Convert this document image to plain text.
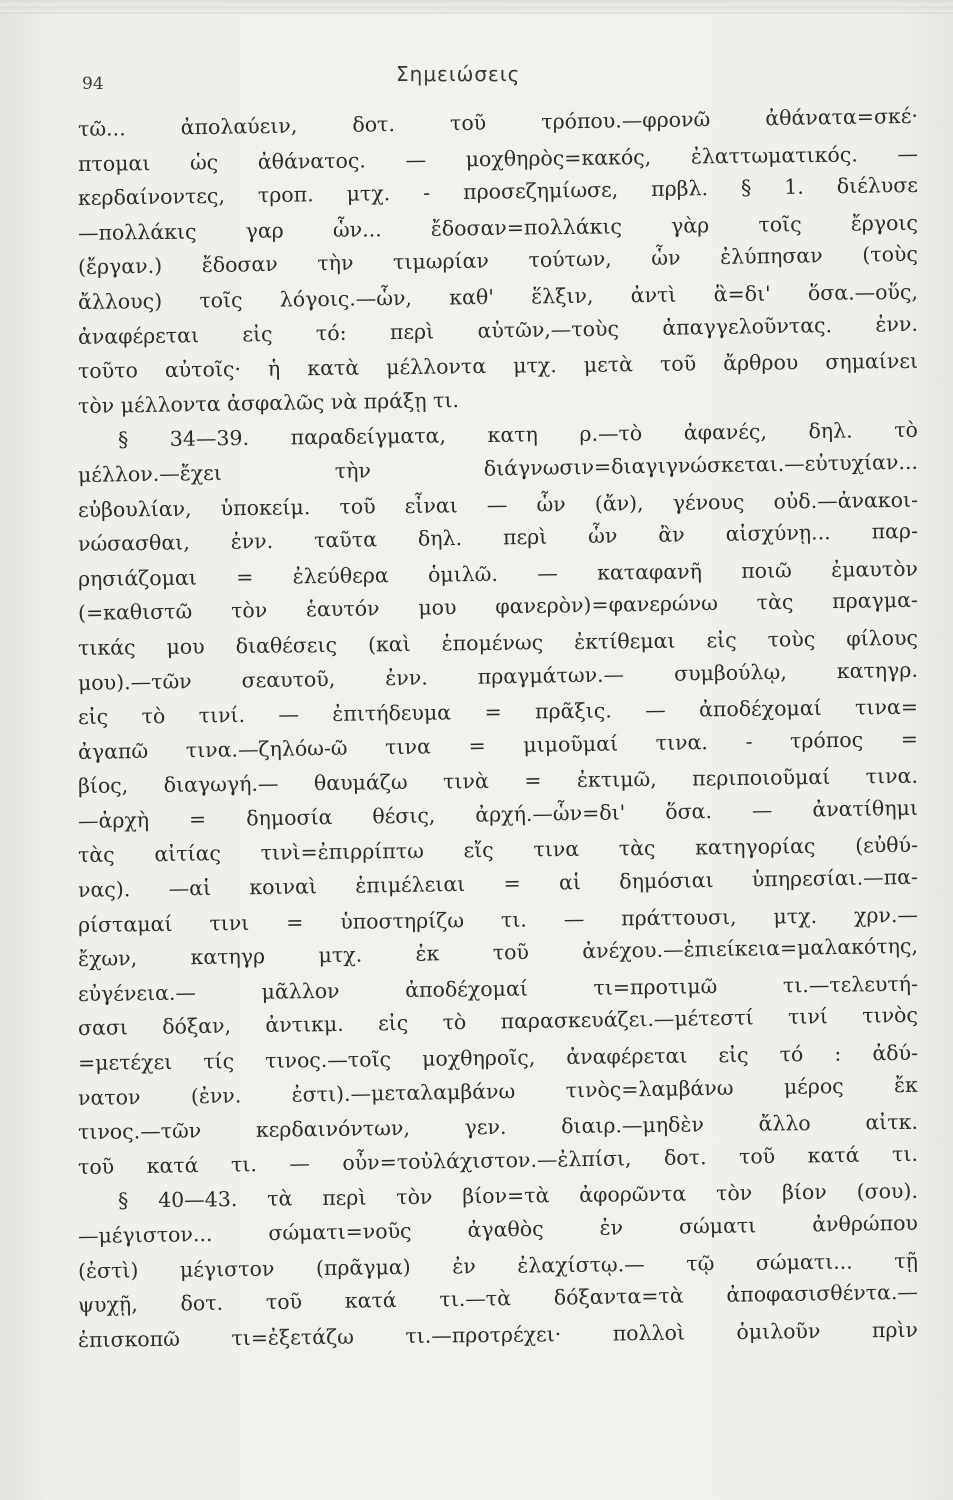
94	Σημειώσεις
τῶ... ἀπολαύειν, δοτ. τοῦ τρόπου.—φρονῶ ἀθάνατα=σκέ·
πτομαι ὡς ἀθάνατος. — μοχθηρὸς=κακός, ἐλαττωματικός. —
κερδαίνοντες, τροπ. μτχ. - προσεζημίωσε, πρβλ. § 1. διέλυσε
—πολλάκις γαρ ὧν... ἔδοσαν=πολλάκις γὰρ τοῖς ἔργοις
(ἔργαν.) ἔδοσαν τὴν τιμωρίαν τούτων, ὧν ἐλύπησαν (τοὺς
ἄλλους) τοῖς λόγοις.—ὧν, καθ' ἕλξιν, ἀντὶ ἃ=δι' ὅσα.—οὕς,
ἀναφέρεται εἰς τό: περὶ αὐτῶν,—τοὺς ἀπαγγελοῦντας. ἐνν.
τοῦτο αὐτοῖς· ἡ κατὰ μέλλοντα μτχ. μετὰ τοῦ ἄρθρου σημαίνει
τὸν μέλλοντα ἀσφαλῶς νὰ πράξῃ τι.
§ 34—39. παραδείγματα, κατη ρ.—τὸ ἀφανές, δηλ. τὸ
μέλλον.—ἔχει τὴν διάγνωσιν=διαγιγνώσκεται.—εὐτυχίαν...
εὐβουλίαν, ὑποκείμ. τοῦ εἶναι — ὧν (ἄν), γένους οὐδ.—ἀνακοι-
νώσασθαι, ἐνν. ταῦτα δηλ. περὶ ὧν ἂν αἰσχύνῃ... παρ-
ρησιάζομαι = ἐλεύθερα ὁμιλῶ. — καταφανῆ ποιῶ ἐμαυτὸν
(=καθιστῶ τὸν ἑαυτόν μου φανερὸν)=φανερώνω τὰς πραγμα-
τικάς μου διαθέσεις (καὶ ἑπομένως ἐκτίθεμαι εἰς τοὺς φίλους
μου).—τῶν σεαυτοῦ, ἐνν. πραγμάτων.— συμβούλῳ, κατηγρ.
εἰς τὸ τινί. — ἐπιτήδευμα = πρᾶξις. — ἀποδέχομαί τινα=
ἀγαπῶ τινα.—ζηλόω-ῶ τινα = μιμοῦμαί τινα. - τρόπος =
βίος, διαγωγή.— θαυμάζω τινὰ = ἐκτιμῶ, περιποιοῦμαί τινα.
—ἀρχὴ = δημοσία θέσις, ἀρχή.—ὧν=δι' ὅσα. — ἀνατίθημι
τὰς αἰτίας τινὶ=ἐπιρρίπτω εἴς τινα τὰς κατηγορίας (εὐθύ-
νας). —αἱ κοιναὶ ἐπιμέλειαι = αἱ δημόσιαι ὑπηρεσίαι.—πα-
ρίσταμαί τινι = ὑποστηρίζω τι. — πράττουσι, μτχ. χρν.—
ἔχων, κατηγρ μτχ. ἐκ τοῦ ἀνέχου.—ἐπιείκεια=μαλακότης,
εὐγένεια.— μᾶλλον ἀποδέχομαί τι=προτιμῶ τι.—τελευτή-
σασι δόξαν, ἀντικμ. εἰς τὸ παρασκευάζει.—μέτεστί τινί τινὸς
=μετέχει τίς τινος.—τοῖς μοχθηροῖς, ἀναφέρεται εἰς τό : ἀδύ-
νατον (ἐνν. ἐστι).—μεταλαμβάνω τινὸς=λαμβάνω μέρος ἔκ
τινος.—τῶν κερδαινόντων, γεν. διαιρ.—μηδὲν ἄλλο αἰτκ.
τοῦ κατά τι. — οὖν=τοὐλάχιστον.—ἐλπίσι, δοτ. τοῦ κατά τι.
§ 40—43. τὰ περὶ τὸν βίον=τὰ ἀφορῶντα τὸν βίον (σου).
—μέγιστον... σώματι=νοῦς ἀγαθὸς ἐν σώματι ἀνθρώπου
(ἐστὶ) μέγιστον (πρᾶγμα) ἐν ἐλαχίστῳ.— τῷ σώματι... τῇ
ψυχῇ, δοτ. τοῦ κατά τι.—τὰ δόξαντα=τὰ ἀποφασισθέντα.—
ἐπισκοπῶ τι=ἐξετάζω τι.—προτρέχει· πολλοὶ ὁμιλοῦν πρὶν
